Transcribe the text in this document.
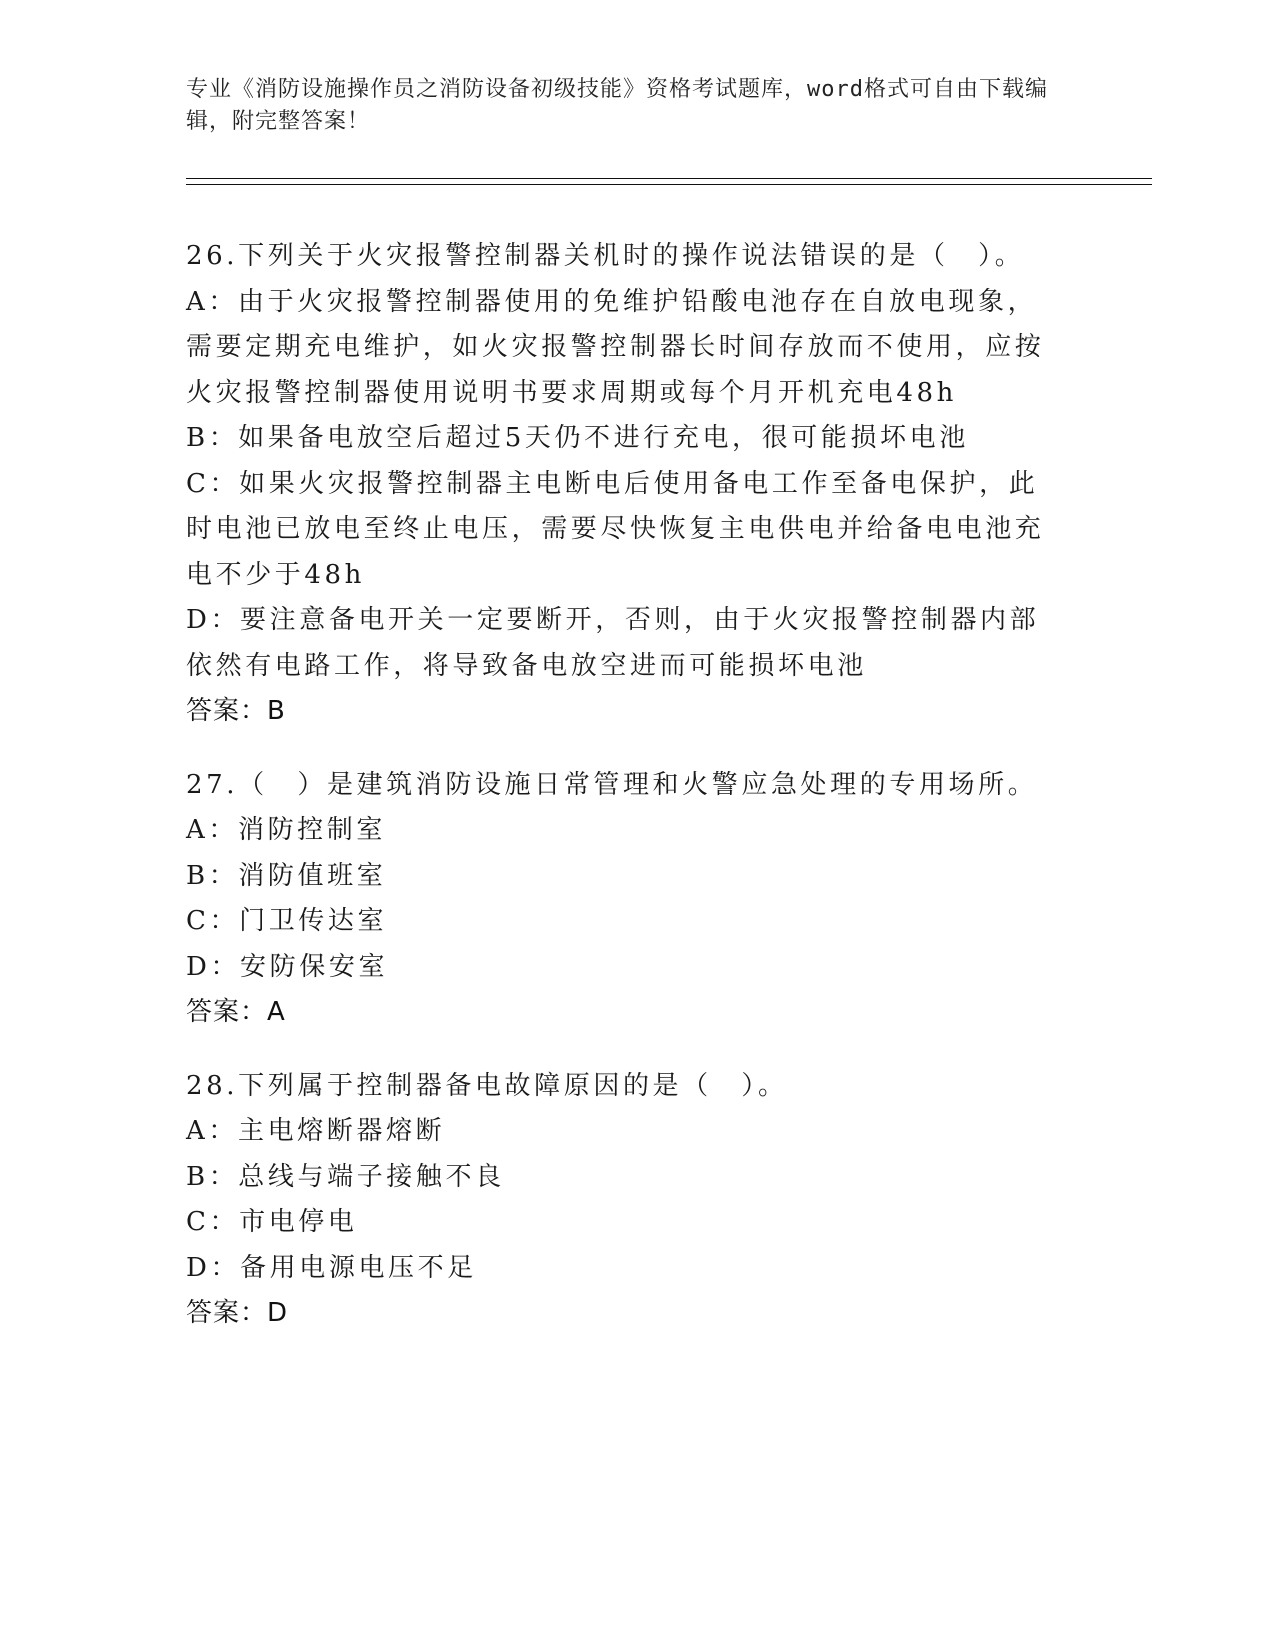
专业《消防设施操作员之消防设备初级技能》资格考试题库，word格式可自由下载编辑，附完整答案！
26.下列关于火灾报警控制器关机时的操作说法错误的是（　）。
A：由于火灾报警控制器使用的免维护铅酸电池存在自放电现象，需要定期充电维护，如火灾报警控制器长时间存放而不使用，应按火灾报警控制器使用说明书要求周期或每个月开机充电48h
B：如果备电放空后超过5天仍不进行充电，很可能损坏电池
C：如果火灾报警控制器主电断电后使用备电工作至备电保护，此时电池已放电至终止电压，需要尽快恢复主电供电并给备电电池充电不少于48h
D：要注意备电开关一定要断开，否则，由于火灾报警控制器内部依然有电路工作，将导致备电放空进而可能损坏电池
答案：B
27.（　）是建筑消防设施日常管理和火警应急处理的专用场所。
A：消防控制室
B：消防值班室
C：门卫传达室
D：安防保安室
答案：A
28.下列属于控制器备电故障原因的是（　）。
A：主电熔断器熔断
B：总线与端子接触不良
C：市电停电
D：备用电源电压不足
答案：D
